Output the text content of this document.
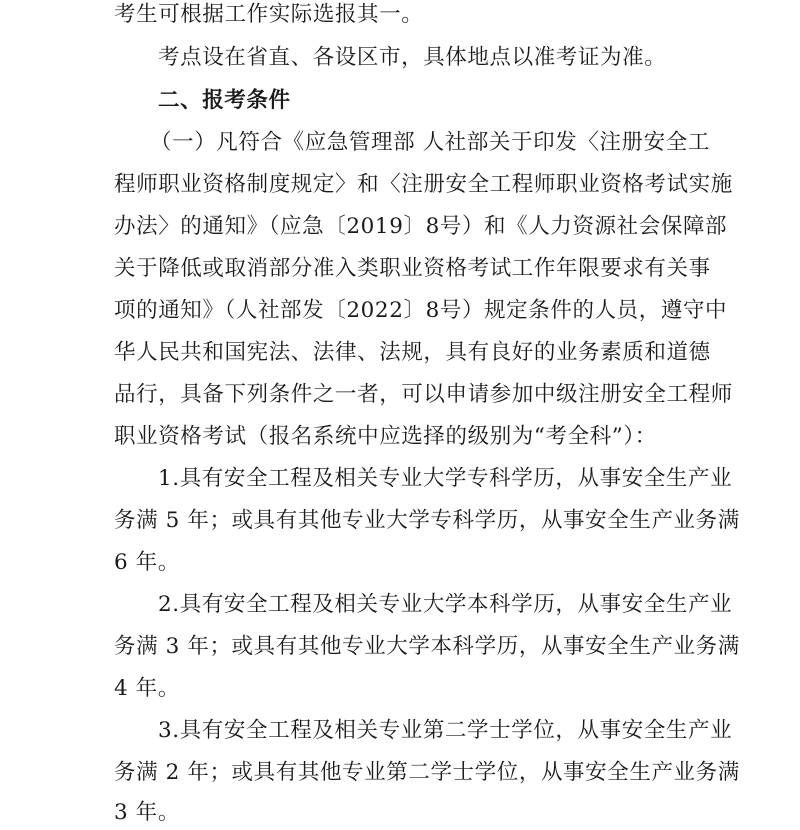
考生可根据工作实际选报其一。
考点设在省直、各设区市，具体地点以准考证为准。
二、报考条件
（一）凡符合《应急管理部 人社部关于印发〈注册安全工
程师职业资格制度规定〉和〈注册安全工程师职业资格考试实施
办法〉的通知》（应急〔2019〕8号）和《人力资源社会保障部
关于降低或取消部分准入类职业资格考试工作年限要求有关事
项的通知》（人社部发〔2022〕8号）规定条件的人员，遵守中
华人民共和国宪法、法律、法规，具有良好的业务素质和道德
品行，具备下列条件之一者，可以申请参加中级注册安全工程师
职业资格考试（报名系统中应选择的级别为“考全科”）：
1.具有安全工程及相关专业大学专科学历，从事安全生产业
务满 5 年；或具有其他专业大学专科学历，从事安全生产业务满
6 年。
2.具有安全工程及相关专业大学本科学历，从事安全生产业
务满 3 年；或具有其他专业大学本科学历，从事安全生产业务满
4 年。
3.具有安全工程及相关专业第二学士学位，从事安全生产业
务满 2 年；或具有其他专业第二学士学位，从事安全生产业务满
3 年。
